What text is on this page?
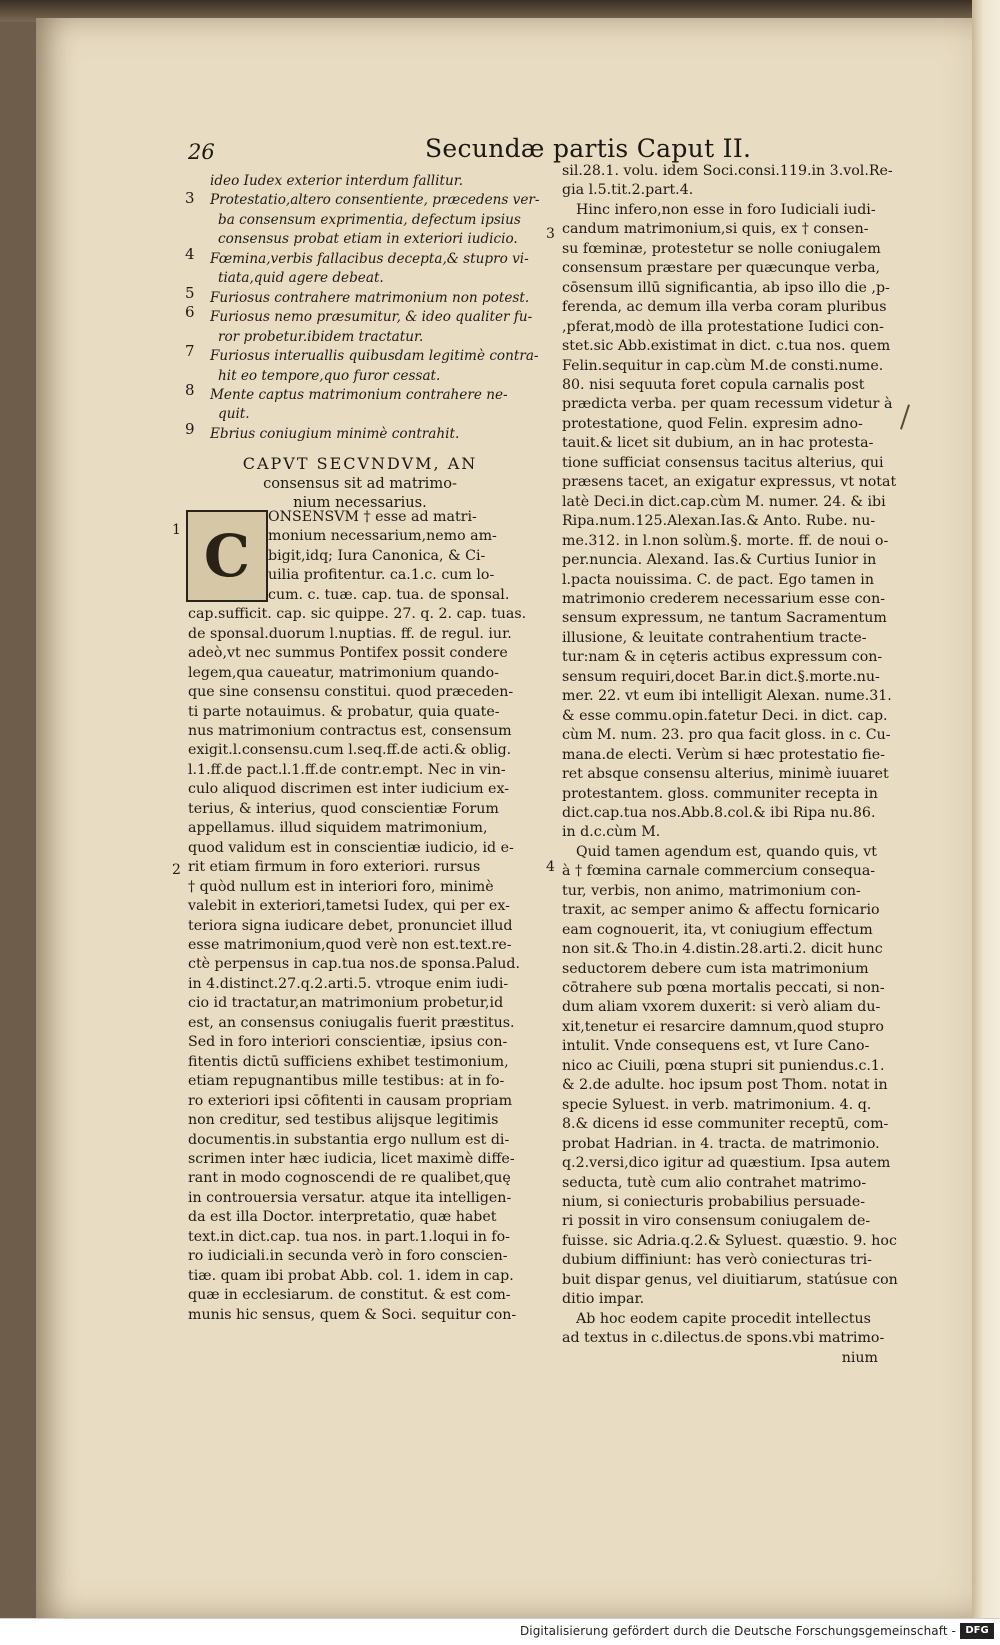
26	Secundæ partis Caput II.
3
4
5
6
7
8
9
ideo Iudex exterior interdum fallitur.
Protestatio,altero consentiente, præcedens ver-
ba consensum exprimentia, defectum ipsius
consensus probat etiam in exteriori iudicio.
Fœmina,verbis fallacibus decepta,& stupro vi-
tiata,quid agere debeat.
Furiosus contrahere matrimonium non potest.
Furiosus nemo præsumitur, & ideo qualiter fu-
ror probetur.ibidem tractatur.
Furiosus interuallis quibusdam legitimè contra-
hit eo tempore,quo furor cessat.
Mente captus matrimonium contrahere ne-
quit.
Ebrius coniugium minimè contrahit.
CAPVT SECVNDVM, AN
consensus sit ad matrimo-
nium necessarius.
C
1
2
ONSENSVM † esse ad matri-
monium necessarium,nemo am-
bigit,idq; Iura Canonica, & Ci-
uilia profitentur. ca.1.c. cum lo-
cum. c. tuæ. cap. tua. de sponsal.
cap.sufficit. cap. sic quippe. 27. q. 2. cap. tuas.
de sponsal.duorum l.nuptias. ff. de regul. iur.
adeò,vt nec summus Pontifex possit condere
legem,qua caueatur, matrimonium quando-
que sine consensu constitui. quod præceden-
ti parte notauimus. & probatur, quia quate-
nus matrimonium contractus est, consensum
exigit.l.consensu.cum l.seq.ff.de acti.& oblig.
l.1.ff.de pact.l.1.ff.de contr.empt. Nec in vin-
culo aliquod discrimen est inter iudicium ex-
terius, & interius, quod conscientiæ Forum
appellamus. illud siquidem matrimonium,
quod validum est in conscientiæ iudicio, id e-
rit etiam firmum in foro exteriori. rursus
† quòd nullum est in interiori foro, minimè
valebit in exteriori,tametsi Iudex, qui per ex-
teriora signa iudicare debet, pronunciet illud
esse matrimonium,quod verè non est.text.re-
ctè perpensus in cap.tua nos.de sponsa.Palud.
in 4.distinct.27.q.2.arti.5. vtroque enim iudi-
cio id tractatur,an matrimonium probetur,id
est, an consensus coniugalis fuerit præstitus.
Sed in foro interiori conscientiæ, ipsius con-
fitentis dictū sufficiens exhibet testimonium,
etiam repugnantibus mille testibus: at in fo-
ro exteriori ipsi cōfitenti in causam propriam
non creditur, sed testibus alijsque legitimis
documentis.in substantia ergo nullum est di-
scrimen inter hæc iudicia, licet maximè diffe-
rant in modo cognoscendi de re qualibet,quę
in controuersia versatur. atque ita intelligen-
da est illa Doctor. interpretatio, quæ habet
text.in dict.cap. tua nos. in part.1.loqui in fo-
ro iudiciali.in secunda verò in foro conscien-
tiæ. quam ibi probat Abb. col. 1. idem in cap.
quæ in ecclesiarum. de constitut. & est com-
munis hic sensus, quem & Soci. sequitur con-
3
4
sil.28.1. volu. idem Soci.consi.119.in 3.vol.Re-
gia l.5.tit.2.part.4.
Hinc infero,non esse in foro Iudiciali iudi-
candum matrimonium,si quis, ex † consen-
su fœminæ, protestetur se nolle coniugalem
consensum præstare per quæcunque verba,
cōsensum illū significantia, ab ipso illo die ,p-
ferenda, ac demum illa verba coram pluribus
,pferat,modò de illa protestatione Iudici con-
stet.sic Abb.existimat in dict. c.tua nos. quem
Felin.sequitur in cap.cùm M.de consti.nume.
80. nisi sequuta foret copula carnalis post
prædicta verba. per quam recessum videtur à
protestatione, quod Felin. expresim adno-
tauit.& licet sit dubium, an in hac protesta-
tione sufficiat consensus tacitus alterius, qui
præsens tacet, an exigatur expressus, vt notat
latè Deci.in dict.cap.cùm M. numer. 24. & ibi
Ripa.num.125.Alexan.Ias.& Anto. Rube. nu-
me.312. in l.non solùm.§. morte. ff. de noui o-
per.nuncia. Alexand. Ias.& Curtius Iunior in
l.pacta nouissima. C. de pact. Ego tamen in
matrimonio crederem necessarium esse con-
sensum expressum, ne tantum Sacramentum
illusione, & leuitate contrahentium tracte-
tur:nam & in cęteris actibus expressum con-
sensum requiri,docet Bar.in dict.§.morte.nu-
mer. 22. vt eum ibi intelligit Alexan. nume.31.
& esse commu.opin.fatetur Deci. in dict. cap.
cùm M. num. 23. pro qua facit gloss. in c. Cu-
mana.de electi. Verùm si hæc protestatio fie-
ret absque consensu alterius, minimè iuuaret
protestantem. gloss. communiter recepta in
dict.cap.tua nos.Abb.8.col.& ibi Ripa nu.86.
in d.c.cùm M.
Quid tamen agendum est, quando quis, vt
à † fœmina carnale commercium consequa-
tur, verbis, non animo, matrimonium con-
traxit, ac semper animo & affectu fornicario
eam cognouerit, ita, vt coniugium effectum
non sit.& Tho.in 4.distin.28.arti.2. dicit hunc
seductorem debere cum ista matrimonium
cōtrahere sub pœna mortalis peccati, si non-
dum aliam vxorem duxerit: si verò aliam du-
xit,tenetur ei resarcire damnum,quod stupro
intulit. Vnde consequens est, vt Iure Cano-
nico ac Ciuili, pœna stupri sit puniendus.c.1.
& 2.de adulte. hoc ipsum post Thom. notat in
specie Syluest. in verb. matrimonium. 4. q.
8.& dicens id esse communiter receptū, com-
probat Hadrian. in 4. tracta. de matrimonio.
q.2.versi,dico igitur ad quæstium. Ipsa autem
seducta, tutè cum alio contrahet matrimo-
nium, si coniecturis probabilius persuade-
ri possit in viro consensum coniugalem de-
fuisse. sic Adria.q.2.& Syluest. quæstio. 9. hoc
dubium diffiniunt: has verò coniecturas tri-
buit dispar genus, vel diuitiarum, statúsue con
ditio impar.
Ab hoc eodem capite procedit intellectus
ad textus in c.dilectus.de spons.vbi matrimo-
nium
Digitalisierung gefördert durch die Deutsche Forschungsgemeinschaft - DFG
